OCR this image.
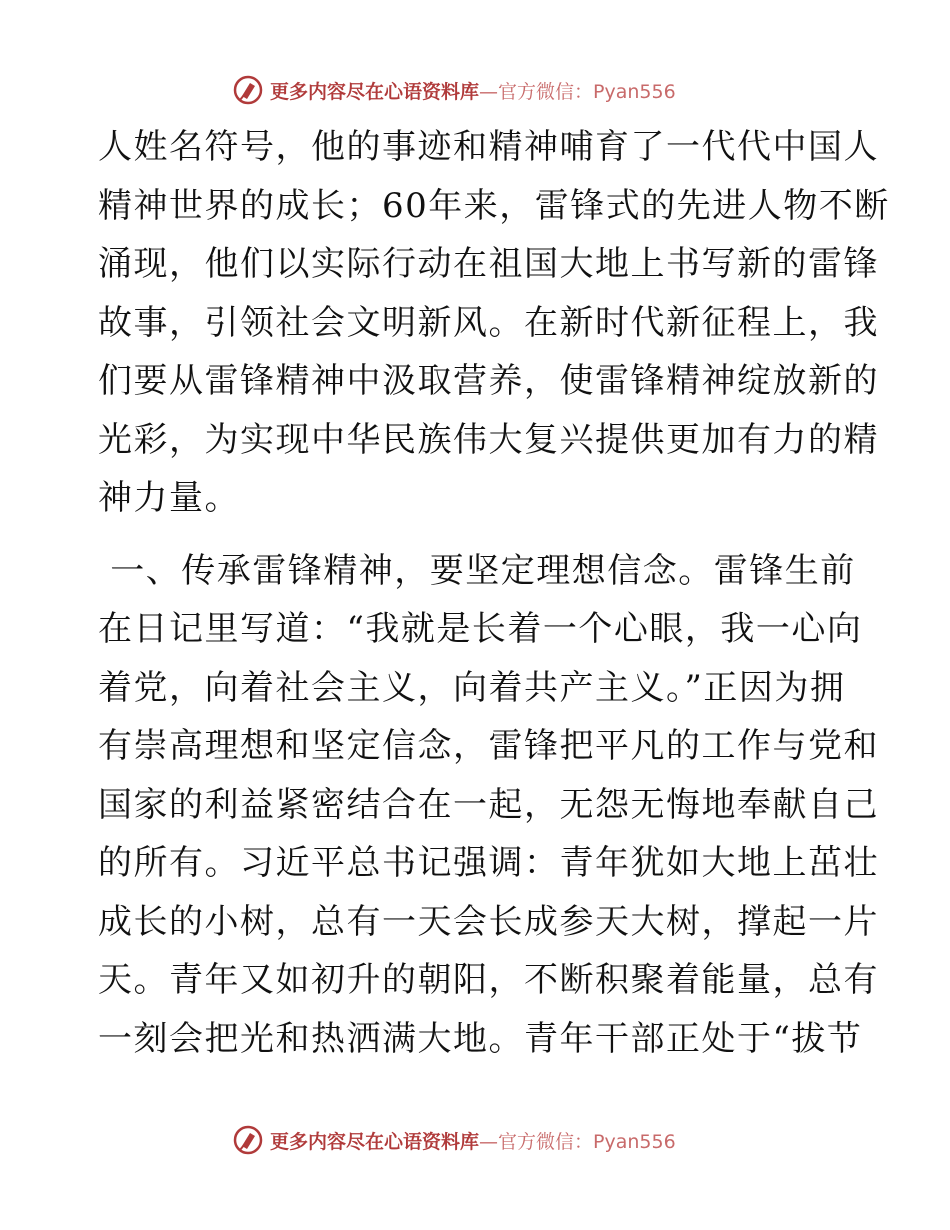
更多内容尽在心语资料库 —官方微信：Pyan556

人姓名符号，他的事迹和精神哺育了一代代中国人
精神世界的成长；60年来，雷锋式的先进人物不断
涌现，他们以实际行动在祖国大地上书写新的雷锋
故事，引领社会文明新风。在新时代新征程上，我
们要从雷锋精神中汲取营养，使雷锋精神绽放新的
光彩，为实现中华民族伟大复兴提供更加有力的精
神力量。

一、传承雷锋精神，要坚定理想信念。雷锋生前
在日记里写道：“我就是长着一个心眼，我一心向
着党，向着社会主义，向着共产主义。”正因为拥
有崇高理想和坚定信念，雷锋把平凡的工作与党和
国家的利益紧密结合在一起，无怨无悔地奉献自己
的所有。习近平总书记强调：青年犹如大地上茁壮
成长的小树，总有一天会长成参天大树，撑起一片
天。青年又如初升的朝阳，不断积聚着能量，总有
一刻会把光和热洒满大地。青年干部正处于“拔节

更多内容尽在心语资料库 —官方微信：Pyan556
